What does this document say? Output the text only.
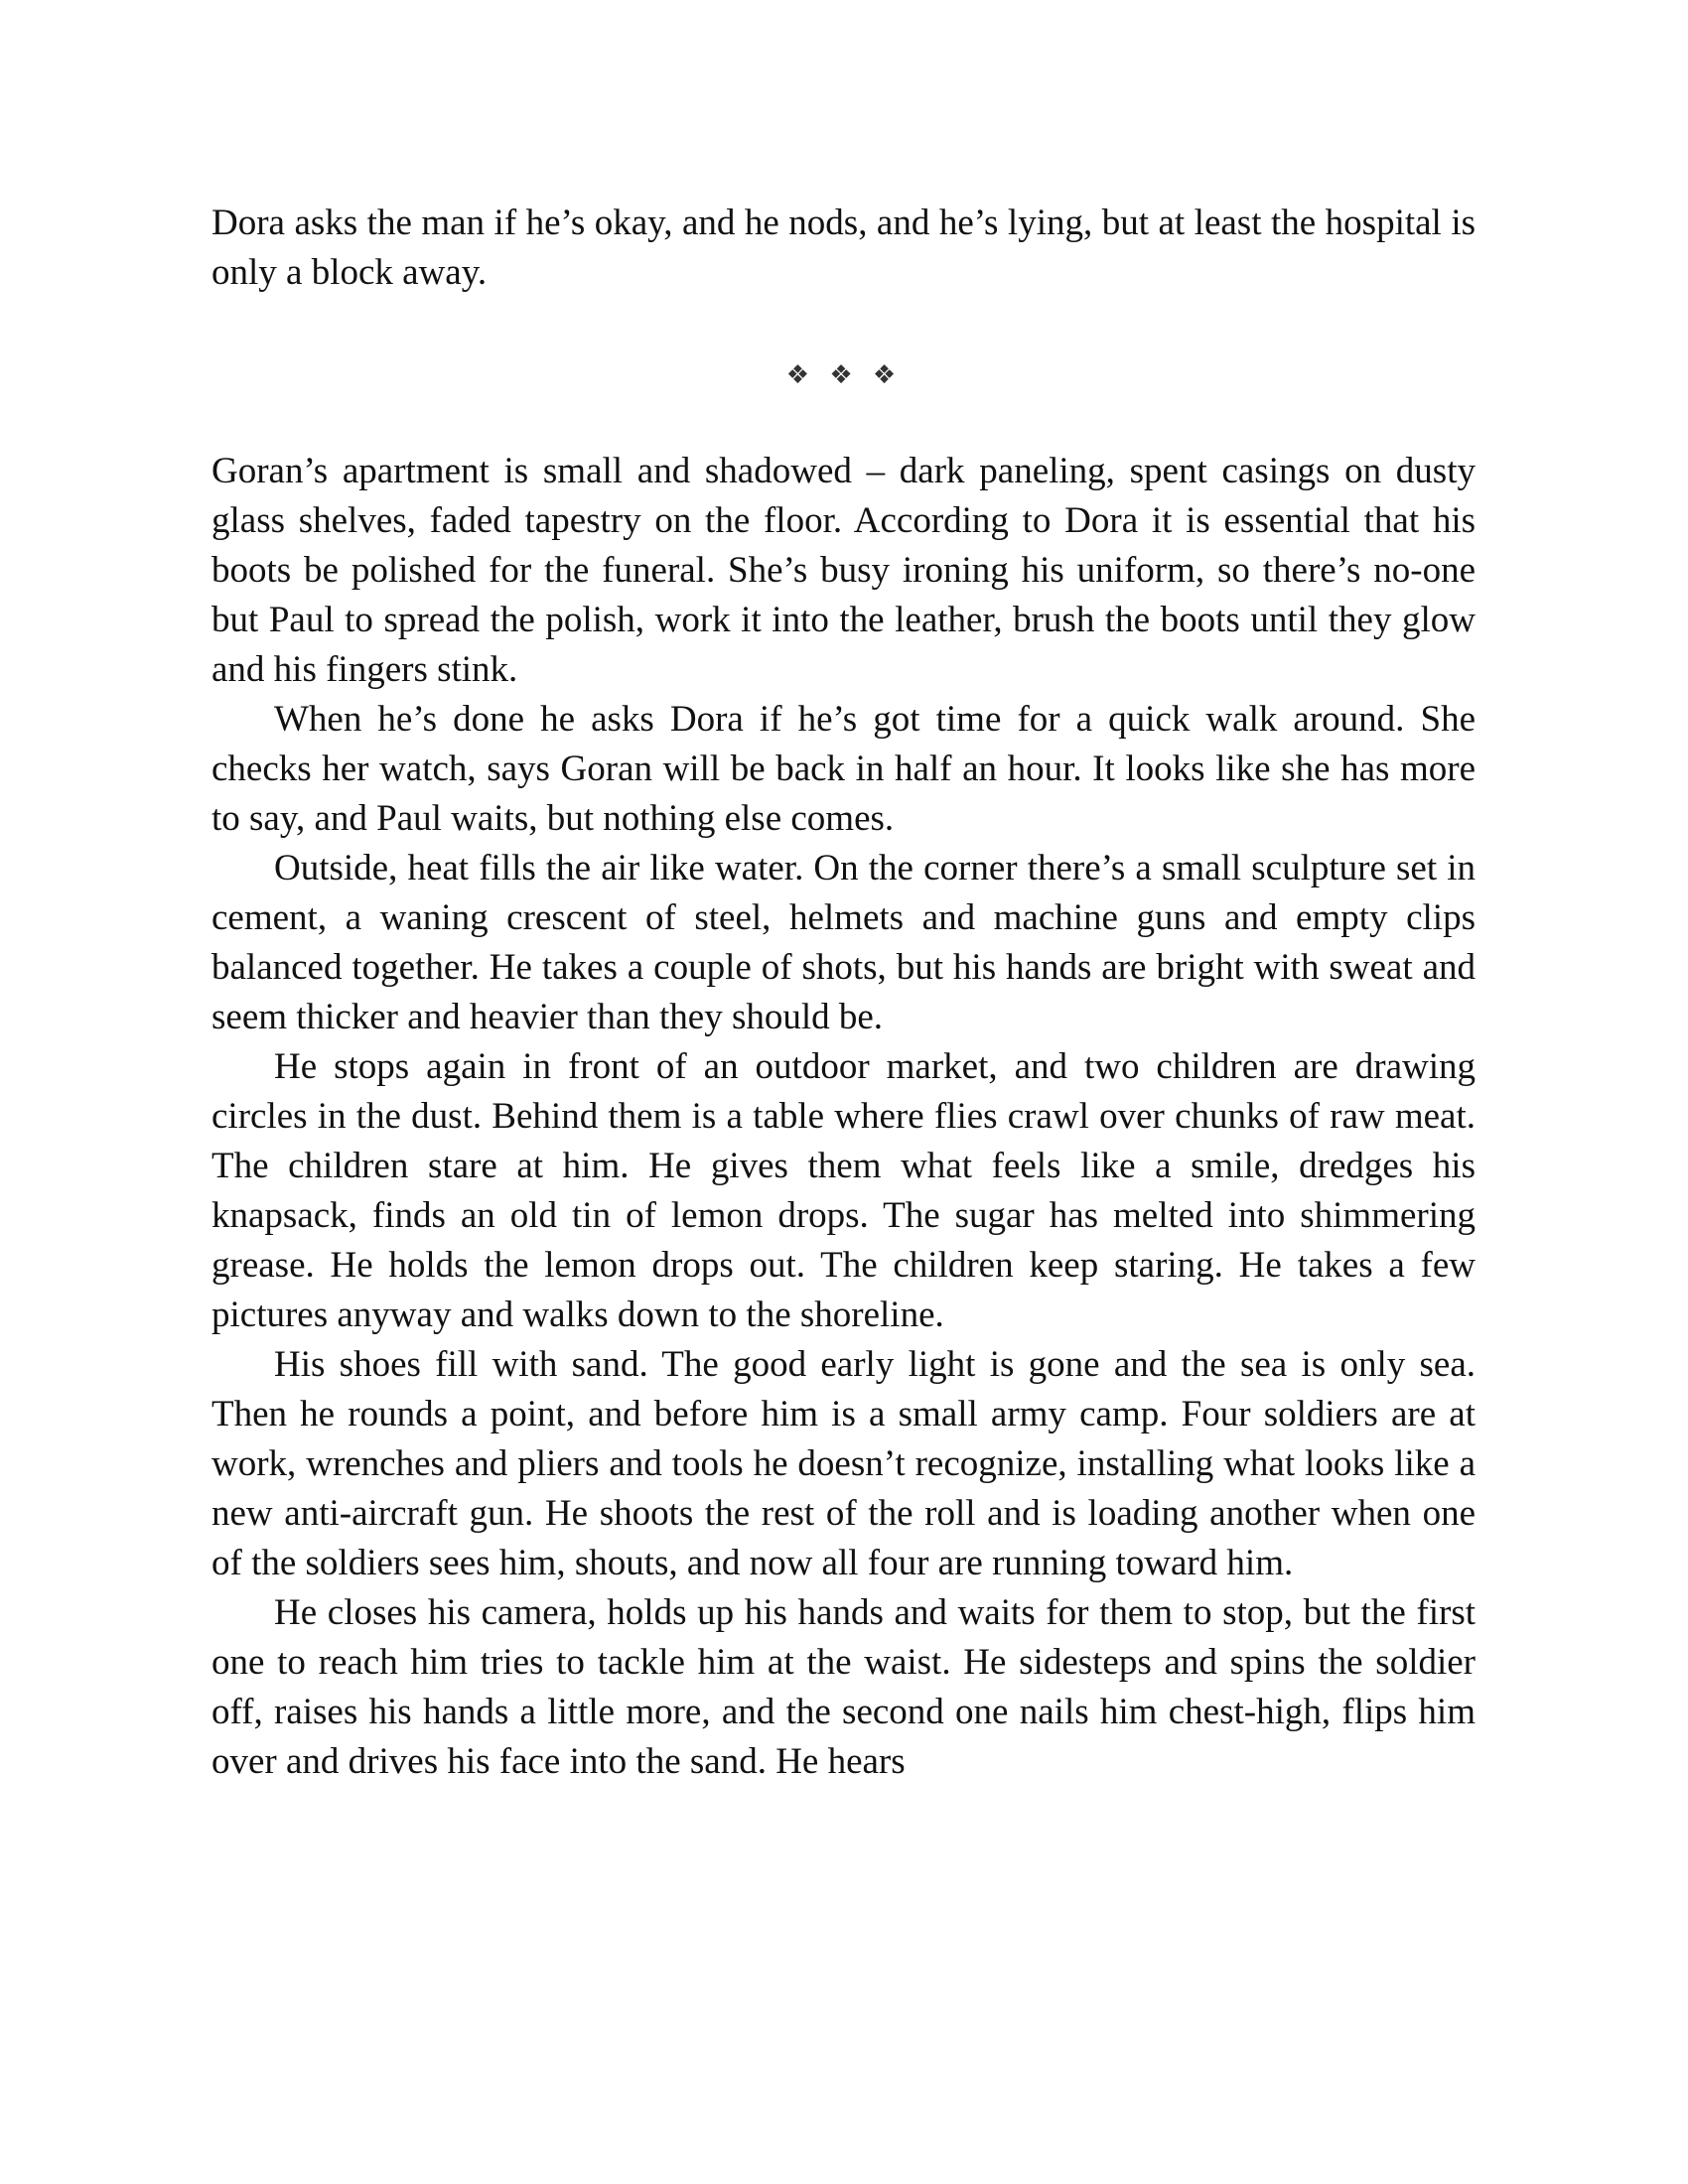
Dora asks the man if he’s okay, and he nods, and he’s lying, but at least the hospital is only a block away.

❖ ❖ ❖

Goran’s apartment is small and shadowed – dark paneling, spent casings on dusty glass shelves, faded tapestry on the floor. According to Dora it is essential that his boots be polished for the funeral. She’s busy ironing his uniform, so there’s no-one but Paul to spread the polish, work it into the leather, brush the boots until they glow and his fingers stink.

When he’s done he asks Dora if he’s got time for a quick walk around. She checks her watch, says Goran will be back in half an hour. It looks like she has more to say, and Paul waits, but nothing else comes.

Outside, heat fills the air like water. On the corner there’s a small sculpture set in cement, a waning crescent of steel, helmets and machine guns and empty clips balanced together. He takes a couple of shots, but his hands are bright with sweat and seem thicker and heavier than they should be.

He stops again in front of an outdoor market, and two children are drawing circles in the dust. Behind them is a table where flies crawl over chunks of raw meat. The children stare at him. He gives them what feels like a smile, dredges his knapsack, finds an old tin of lemon drops. The sugar has melted into shimmering grease. He holds the lemon drops out. The children keep staring. He takes a few pictures anyway and walks down to the shoreline.

His shoes fill with sand. The good early light is gone and the sea is only sea. Then he rounds a point, and before him is a small army camp. Four soldiers are at work, wrenches and pliers and tools he doesn’t recognize, installing what looks like a new anti-aircraft gun. He shoots the rest of the roll and is loading another when one of the soldiers sees him, shouts, and now all four are running toward him.

He closes his camera, holds up his hands and waits for them to stop, but the first one to reach him tries to tackle him at the waist. He sidesteps and spins the soldier off, raises his hands a little more, and the second one nails him chest-high, flips him over and drives his face into the sand. He hears
